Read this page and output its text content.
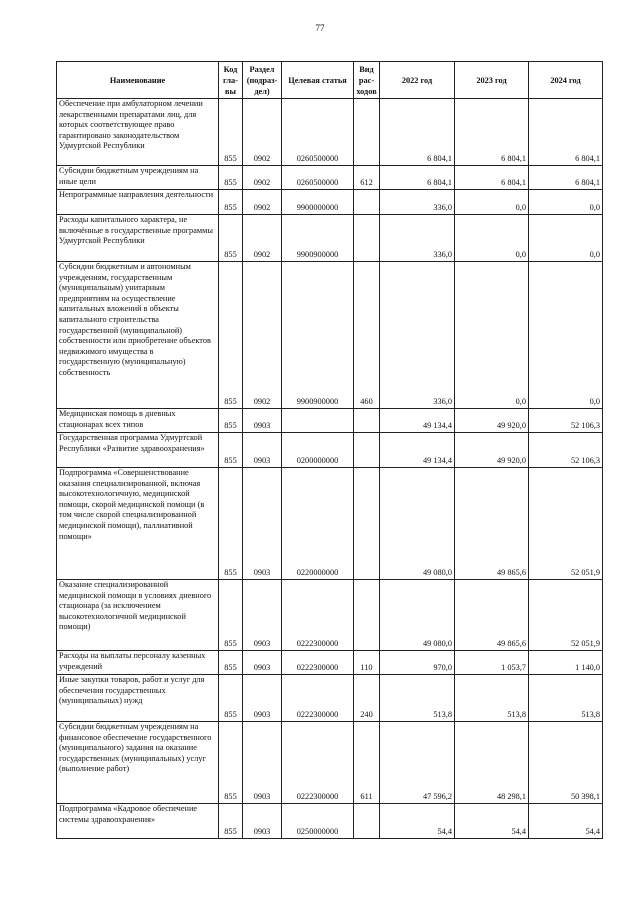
77
Наименование	Код гла-вы	Раздел (подраз-дел)	Целевая статья	Вид рас-ходов	2022 год	2023 год	2024 год
Обеспечение при амбулаторном лечении лекарственными препаратами лиц, для которых соответствующее право гарантировано законодательством Удмуртской Республики	855	0902	0260500000		6 804,1	6 804,1	6 804,1
Субсидии бюджетным учреждениям на иные цели	855	0902	0260500000	612	6 804,1	6 804,1	6 804,1
Непрограммные направления деятельности	855	0902	9900000000		336,0	0,0	0,0
Расходы капитального характера, не включённые в государственные программы Удмуртской Республики	855	0902	9900900000		336,0	0,0	0,0
Субсидии бюджетным и автономным учреждениям, государственным (муниципальным) унитарным предприятиям на осуществление капитальных вложений в объекты капитального строительства государственной (муниципальной) собственности или приобретение объектов недвижимого имущества в государственную (муниципальную) собственность	855	0902	9900900000	460	336,0	0,0	0,0
Медицинская помощь в дневных стационарах всех типов	855	0903			49 134,4	49 920,0	52 106,3
Государственная программа Удмуртской Республики «Развитие здравоохранения»	855	0903	0200000000		49 134,4	49 920,0	52 106,3
Подпрограмма «Совершенствование оказания специализированной, включая высокотехнологичную, медицинской помощи, скорой медицинской помощи (в том числе скорой специализированной медицинской помощи), паллиативной помощи»	855	0903	0220000000		49 080,0	49 865,6	52 051,9
Оказание специализированной медицинской помощи в условиях дневного стационара (за исключением высокотехнологичной медицинской помощи)	855	0903	0222300000		49 080,0	49 865,6	52 051,9
Расходы на выплаты персоналу казенных учреждений	855	0903	0222300000	110	970,0	1 053,7	1 140,0
Иные закупки товаров, работ и услуг для обеспечения государственных (муниципальных) нужд	855	0903	0222300000	240	513,8	513,8	513,8
Субсидии бюджетным учреждениям на финансовое обеспечение государственного (муниципального) задания на оказание государственных (муниципальных) услуг (выполнение работ)	855	0903	0222300000	611	47 596,2	48 298,1	50 398,1
Подпрограмма «Кадровое обеспечение системы здравоохранения»	855	0903	0250000000		54,4	54,4	54,4
